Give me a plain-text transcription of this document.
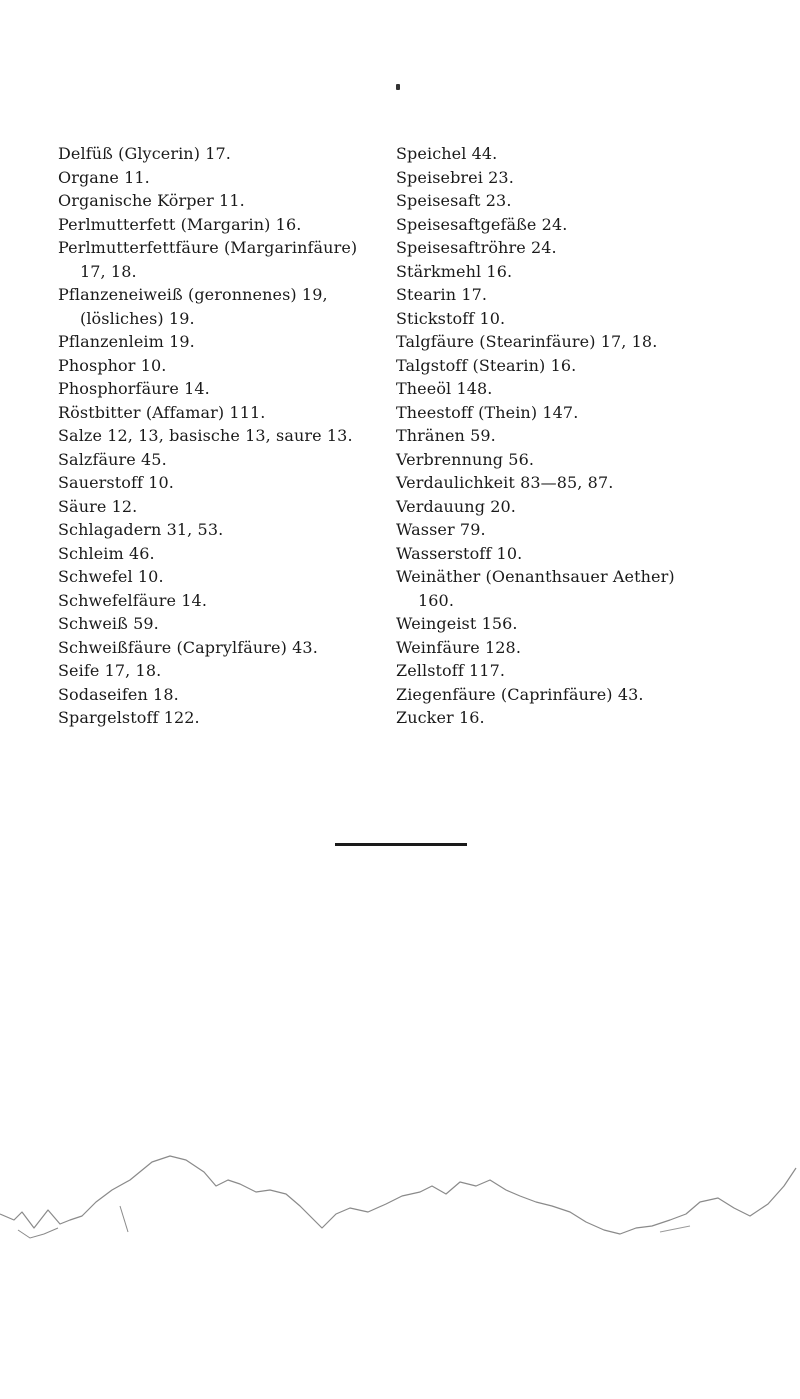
Delfüß (Glycerin) 17.
Organe 11.
Organische Körper 11.
Perlmutterfett (Margarin) 16.
Perlmutterfettfäure (Margarinfäure)
17, 18.
Pflanzeneiweiß (geronnenes) 19,
(lösliches) 19.
Pflanzenleim 19.
Phosphor 10.
Phosphorfäure 14.
Röstbitter (Affamar) 111.
Salze 12, 13, basische 13, saure 13.
Salzfäure 45.
Sauerstoff 10.
Säure 12.
Schlagadern 31, 53.
Schleim 46.
Schwefel 10.
Schwefelfäure 14.
Schweiß 59.
Schweißfäure (Caprylfäure) 43.
Seife 17, 18.
Sodaseifen 18.
Spargelstoff 122.
Speichel 44.
Speisebrei 23.
Speisesaft 23.
Speisesaftgefäße 24.
Speisesaftröhre 24.
Stärkmehl 16.
Stearin 17.
Stickstoff 10.
Talgfäure (Stearinfäure) 17, 18.
Talgstoff (Stearin) 16.
Theeöl 148.
Theestoff (Thein) 147.
Thränen 59.
Verbrennung 56.
Verdaulichkeit 83—85, 87.
Verdauung 20.
Wasser 79.
Wasserstoff 10.
Weinäther (Oenanthsauer Aether)
160.
Weingeist 156.
Weinfäure 128.
Zellstoff 117.
Ziegenfäure (Caprinfäure) 43.
Zucker 16.
